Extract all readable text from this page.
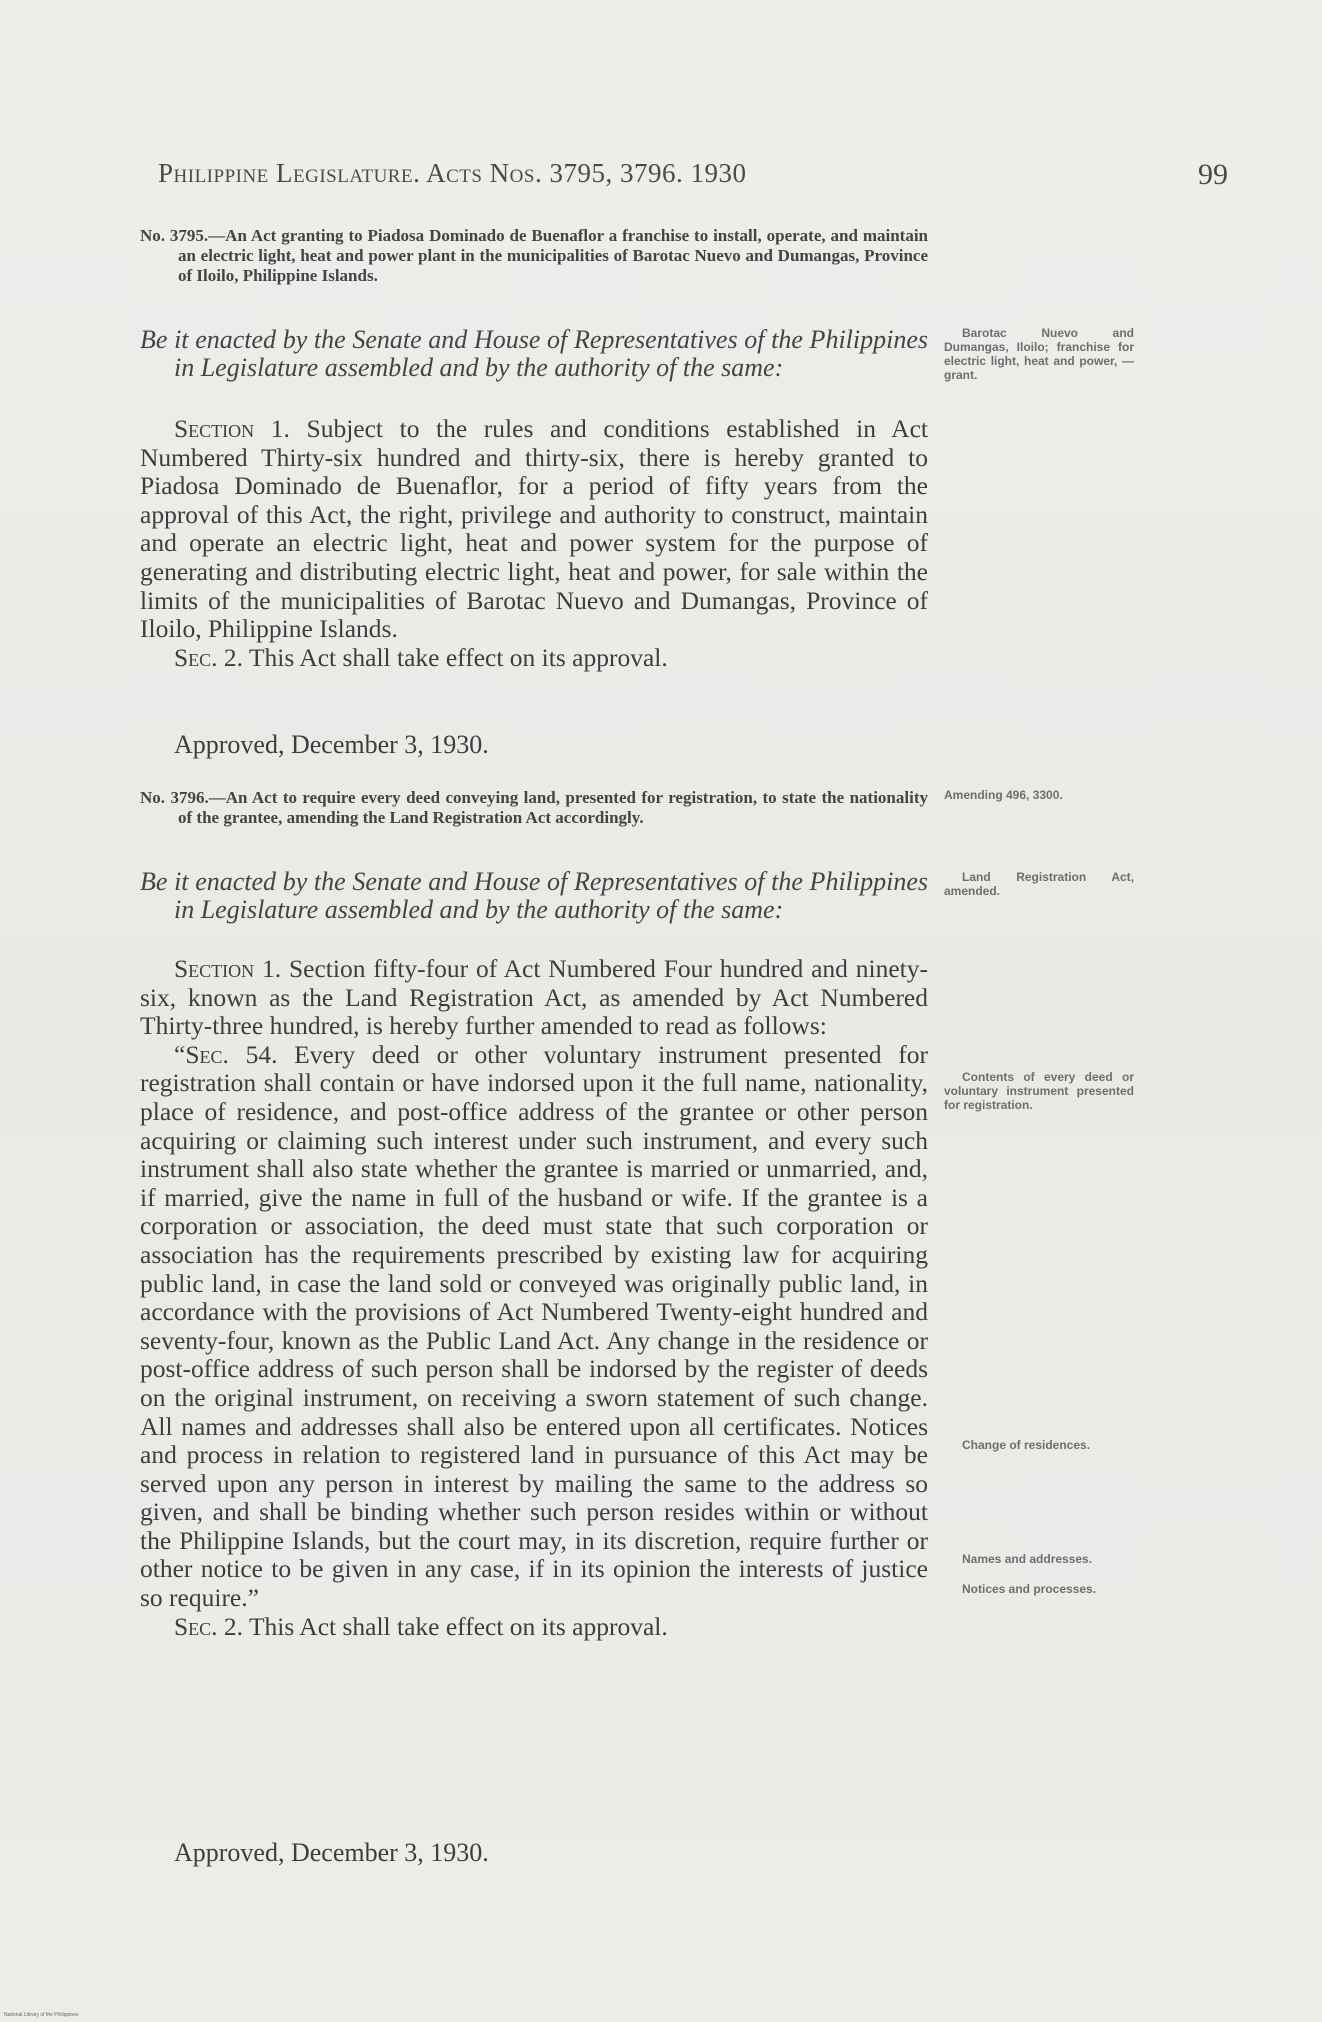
Philippine Legislature. Acts Nos. 3795, 3796. 1930	99
No. 3795.—An Act granting to Piadosa Dominado de Buenaflor a franchise to install, operate, and maintain an electric light, heat and power plant in the municipalities of Barotac Nuevo and Dumangas, Province of Iloilo, Philippine Islands.
Be it enacted by the Senate and House of Representatives of the Philippines in Legislature assembled and by the authority of the same:

Section 1. Subject to the rules and conditions established in Act Numbered Thirty-six hundred and thirty-six, there is hereby granted to Piadosa Dominado de Buenaflor, for a period of fifty years from the approval of this Act, the right, privilege and authority to construct, maintain and operate an electric light, heat and power system for the purpose of generating and distributing electric light, heat and power, for sale within the limits of the municipalities of Barotac Nuevo and Dumangas, Province of Iloilo, Philippine Islands.

Sec. 2. This Act shall take effect on its approval.

Approved, December 3, 1930.
Barotac Nuevo and Dumangas, Iloilo; franchise for electric light, heat and power, —grant.
No. 3796.—An Act to require every deed conveying land, presented for registration, to state the nationality of the grantee, amending the Land Registration Act accordingly.
Be it enacted by the Senate and House of Representatives of the Philippines in Legislature assembled and by the authority of the same:

Section 1. Section fifty-four of Act Numbered Four hundred and ninety-six, known as the Land Registration Act, as amended by Act Numbered Thirty-three hundred, is hereby further amended to read as follows:

“Sec. 54. Every deed or other voluntary instrument presented for registration shall contain or have indorsed upon it the full name, nationality, place of residence, and post-office address of the grantee or other person acquiring or claiming such interest under such instrument, and every such instrument shall also state whether the grantee is married or unmarried, and, if married, give the name in full of the husband or wife. If the grantee is a corporation or association, the deed must state that such corporation or association has the requirements prescribed by existing law for acquiring public land, in case the land sold or conveyed was originally public land, in accordance with the provisions of Act Numbered Twenty-eight hundred and seventy-four, known as the Public Land Act. Any change in the residence or post-office address of such person shall be indorsed by the register of deeds on the original instrument, on receiving a sworn statement of such change. All names and addresses shall also be entered upon all certificates. Notices and process in relation to registered land in pursuance of this Act may be served upon any person in interest by mailing the same to the address so given, and shall be binding whether such person resides within or without the Philippine Islands, but the court may, in its discretion, require further or other notice to be given in any case, if in its opinion the interests of justice so require.”

Sec. 2. This Act shall take effect on its approval.

Approved, December 3, 1930.
Amending 496, 3300.
Land Registration Act, amended.
Contents of every deed or voluntary instrument presented for registration.
Change of residences.
Names and addresses.
Notices and processes.
National Library of the Philippines
